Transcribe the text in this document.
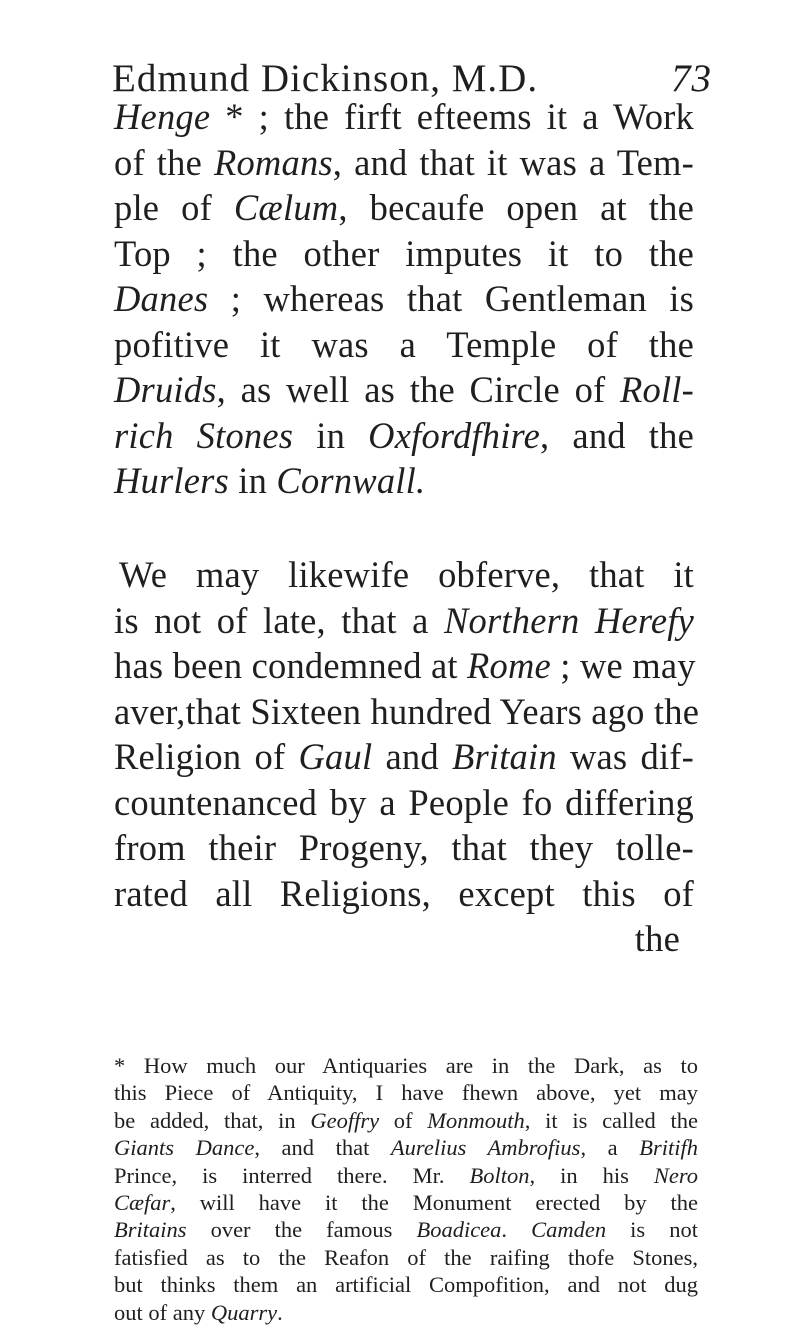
Edmund Dickinson, M.D.	73
Henge * ; the firft efteems it a Work
of the Romans, and that it was a Tem-
ple of Cælum, becaufe open at the
Top ; the other imputes it to the
Danes ; whereas that Gentleman is
pofitive it was a Temple of the
Druids, as well as the Circle of Roll-
rich Stones in Oxfordfhire, and the
Hurlers in Cornwall.
We may likewife obferve, that it
is not of late, that a Northern Herefy
has been condemned at Rome ; we may
aver,that Sixteen hundred Years ago the
Religion of Gaul and Britain was dif-
countenanced by a People fo differing
from their Progeny, that they tolle-
rated all Religions, except this of
the
* How much our Antiquaries are in the Dark, as to
this Piece of Antiquity, I have fhewn above, yet may
be added, that, in Geoffry of Monmouth, it is called the
Giants Dance, and that Aurelius Ambrofius, a Britifh
Prince, is interred there. Mr. Bolton, in his Nero
Cæfar, will have it the Monument erected by the
Britains over the famous Boadicea. Camden is not
fatisfied as to the Reafon of the raifing thofe Stones,
but thinks them an artificial Compofition, and not dug
out of any Quarry.
